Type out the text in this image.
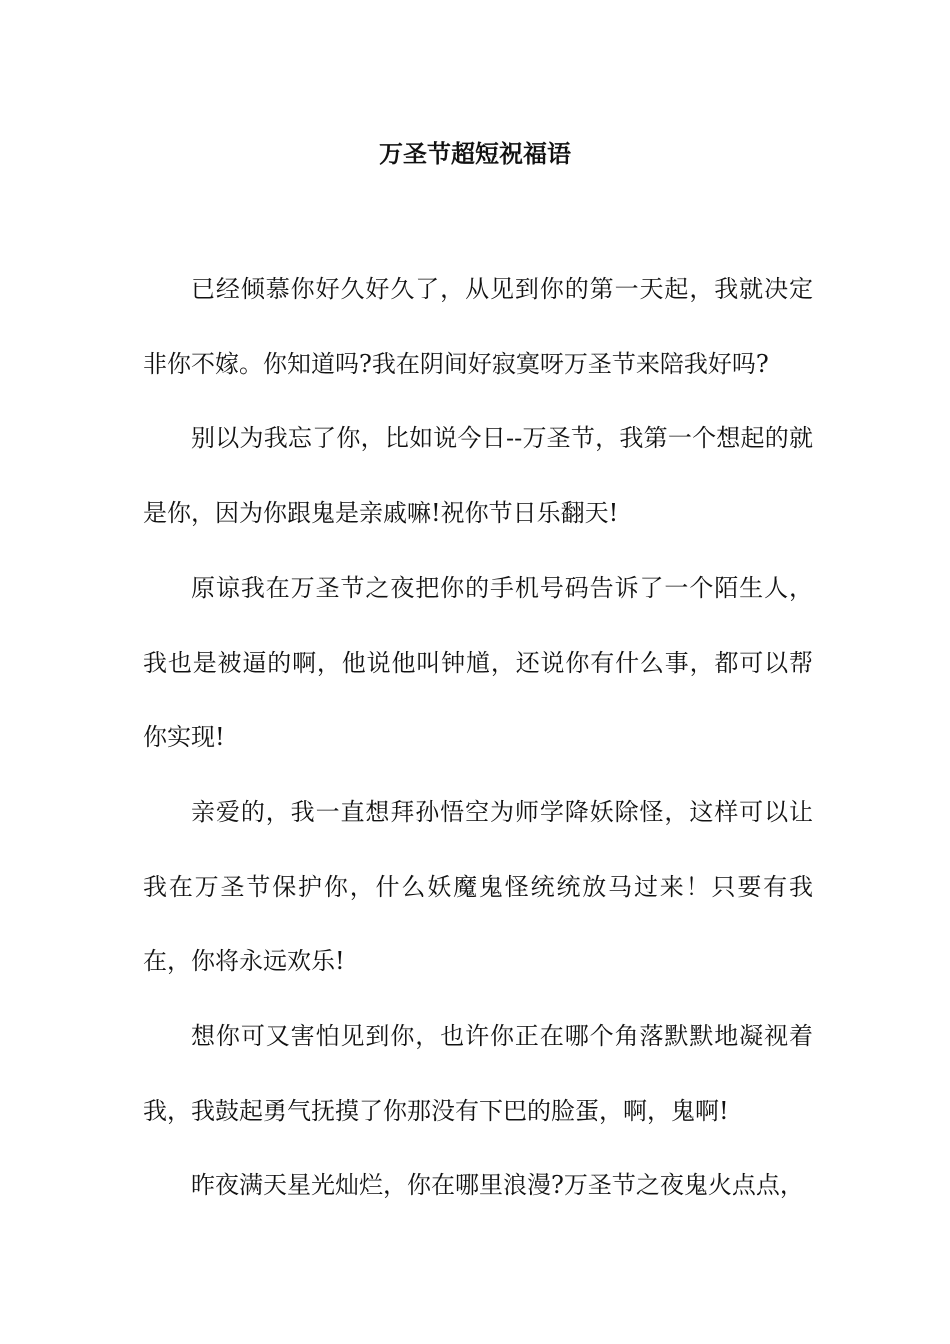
万圣节超短祝福语

已经倾慕你好久好久了，从见到你的第一天起，我就决定非你不嫁。你知道吗?我在阴间好寂寞呀万圣节来陪我好吗?

别以为我忘了你，比如说今日--万圣节，我第一个想起的就是你，因为你跟鬼是亲戚嘛!祝你节日乐翻天!

原谅我在万圣节之夜把你的手机号码告诉了一个陌生人，我也是被逼的啊，他说他叫钟馗，还说你有什么事，都可以帮你实现!

亲爱的，我一直想拜孙悟空为师学降妖除怪，这样可以让我在万圣节保护你，什么妖魔鬼怪统统放马过来！只要有我在，你将永远欢乐!

想你可又害怕见到你，也许你正在哪个角落默默地凝视着我，我鼓起勇气抚摸了你那没有下巴的脸蛋，啊，鬼啊!

昨夜满天星光灿烂，你在哪里浪漫?万圣节之夜鬼火点点，
